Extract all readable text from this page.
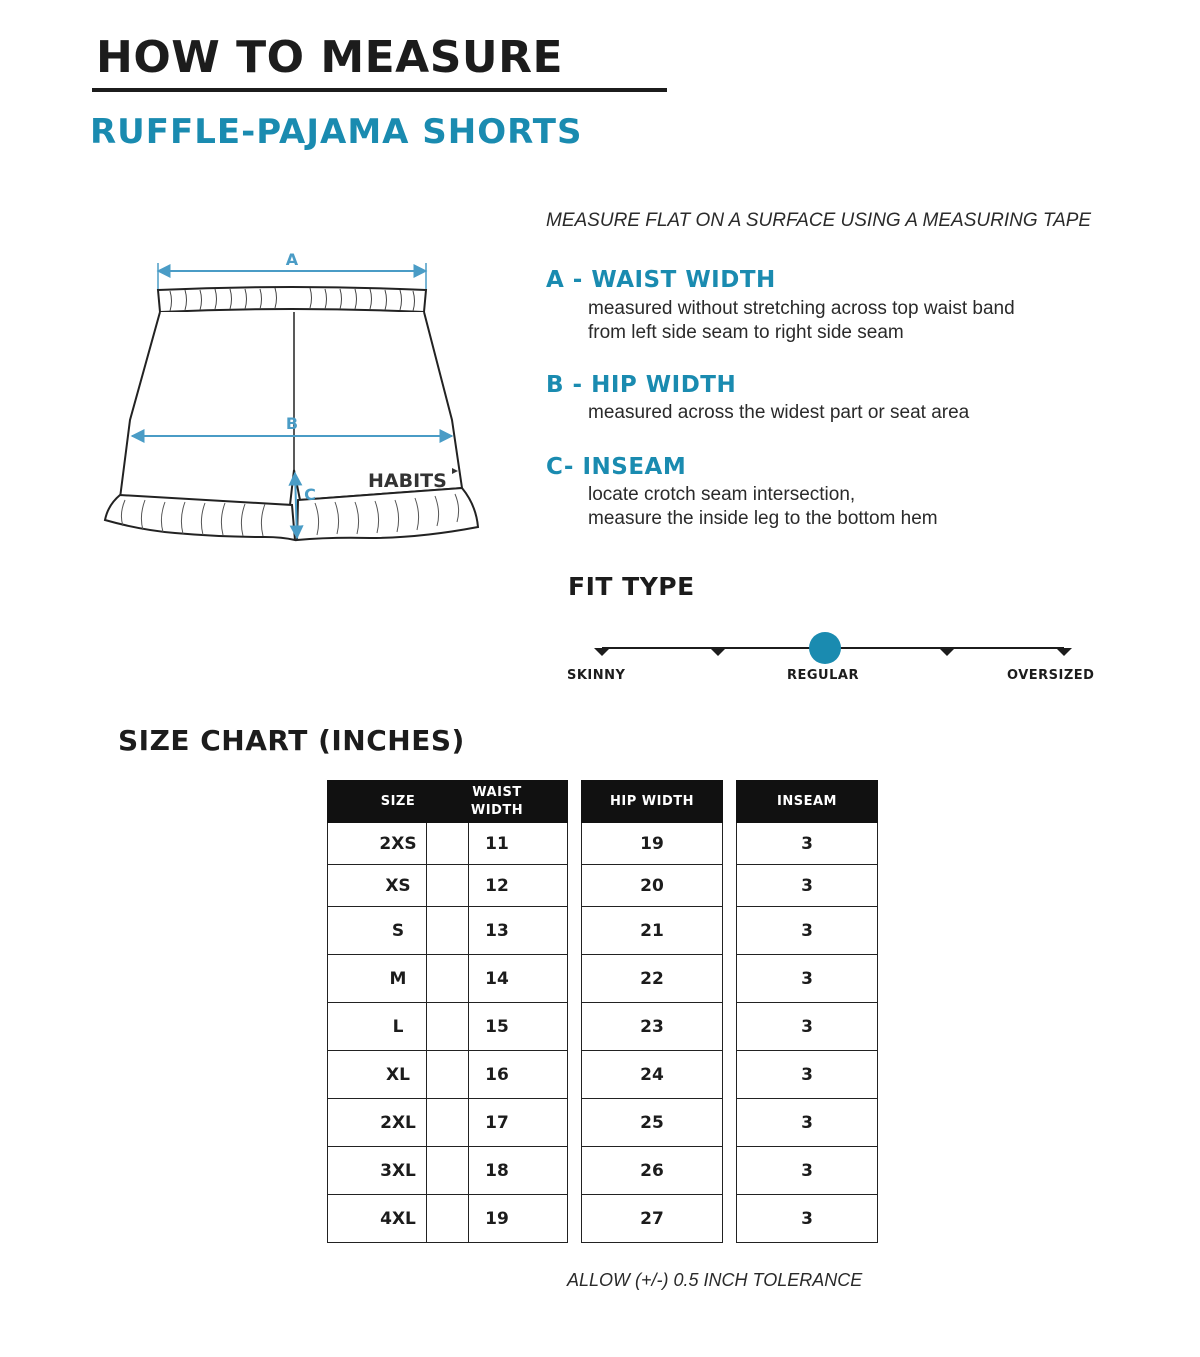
HOW TO MEASURE
RUFFLE-PAJAMA SHORTS
A
B
C
HABITS
MEASURE FLAT ON A SURFACE USING A MEASURING TAPE
A - WAIST WIDTH
measured without stretching across top waist band
from left side seam to right side seam
B - HIP WIDTH
measured across the widest part or seat area
C- INSEAM
locate crotch seam intersection,
measure the inside leg to the bottom hem
FIT TYPE
SKINNY	REGULAR	OVERSIZED
SIZE CHART (INCHES)
SIZE
2XS
XS
S
M
L
XL
2XL
3XL
4XL
WAIST WIDTH
11
12
13
14
15
16
17
18
19
HIP WIDTH
19
20
21
22
23
24
25
26
27
INSEAM
3
3
3
3
3
3
3
3
3
ALLOW (+/-) 0.5 INCH TOLERANCE
